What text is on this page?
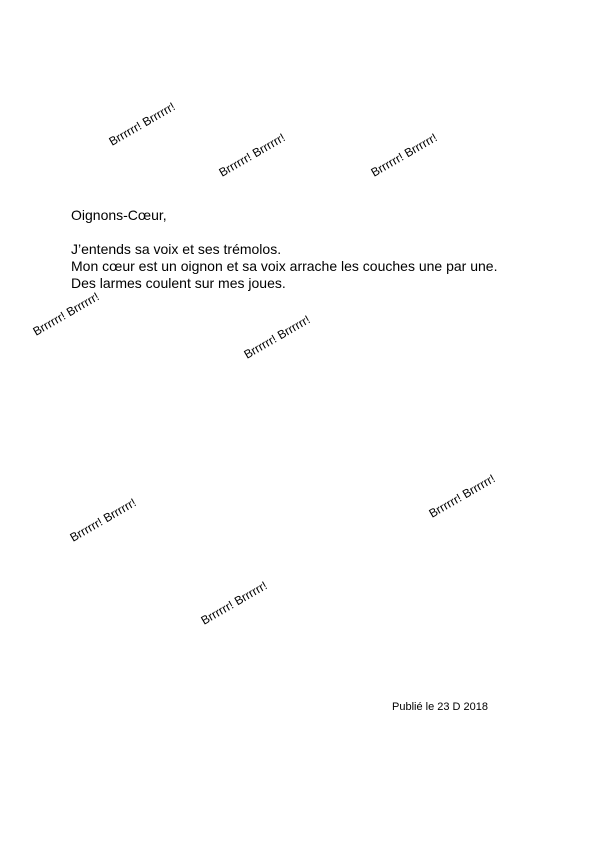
Oignons-Cœur,

J’entends sa voix et ses trémolos.

Mon cœur est un oignon et sa voix arrache les couches une par une.

Des larmes coulent sur mes joues.

Publié le 23 D 2018
Brrrrrr! Brrrrrr!
Brrrrrr! Brrrrrr!	Brrrrrr! Brrrrrr!
Brrrrrr! Brrrrrr!	Brrrrrr! Brrrrrr!
Brrrrrr! Brrrrrr!	Brrrrrr! Brrrrrr!
Brrrrrr! Brrrrrr!
